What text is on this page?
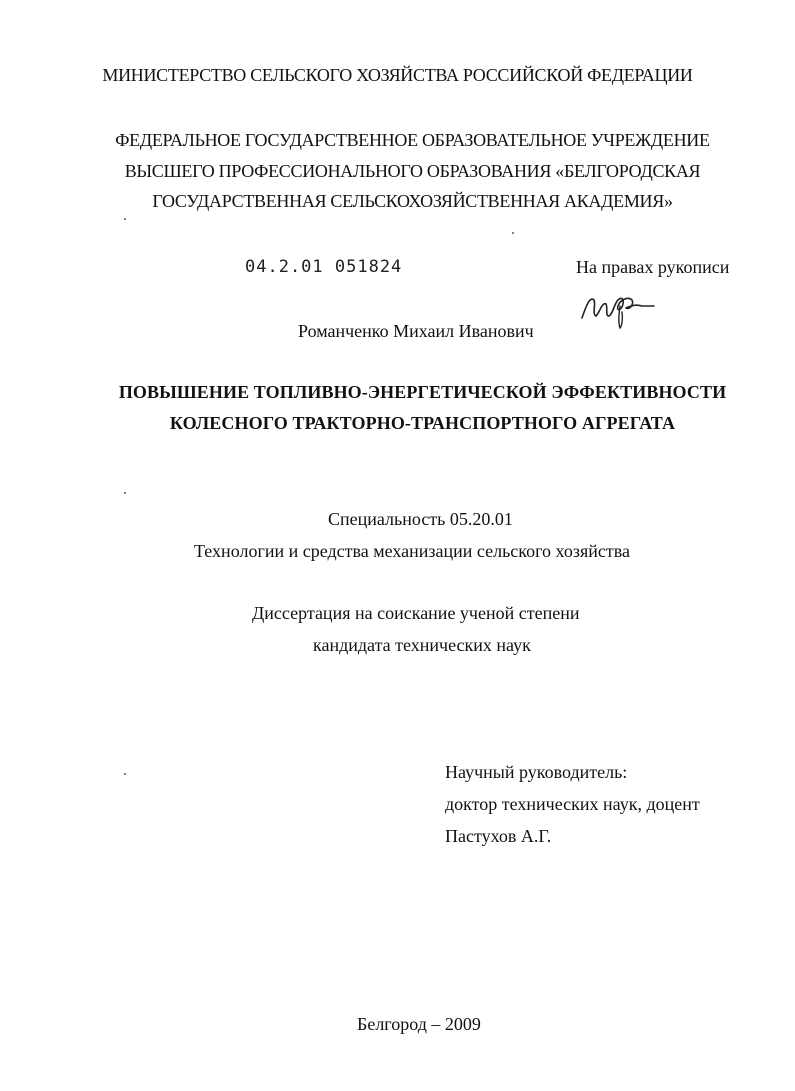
МИНИСТЕРСТВО СЕЛЬСКОГО ХОЗЯЙСТВА РОССИЙСКОЙ ФЕДЕРАЦИИ
ФЕДЕРАЛЬНОЕ ГОСУДАРСТВЕННОЕ ОБРАЗОВАТЕЛЬНОЕ УЧРЕЖДЕНИЕ
ВЫСШЕГО ПРОФЕССИОНАЛЬНОГО ОБРАЗОВАНИЯ «БЕЛГОРОДСКАЯ
ГОСУДАРСТВЕННАЯ СЕЛЬСКОХОЗЯЙСТВЕННАЯ АКАДЕМИЯ»
04.2.01 051824	На правах рукописи
Романченко Михаил Иванович
ПОВЫШЕНИЕ ТОПЛИВНО-ЭНЕРГЕТИЧЕСКОЙ ЭФФЕКТИВНОСТИ
КОЛЕСНОГО ТРАКТОРНО-ТРАНСПОРТНОГО АГРЕГАТА
Специальность 05.20.01
Технологии и средства механизации сельского хозяйства
Диссертация на соискание ученой степени
кандидата технических наук
Научный руководитель:
доктор технических наук, доцент
Пастухов А.Г.
Белгород – 2009
